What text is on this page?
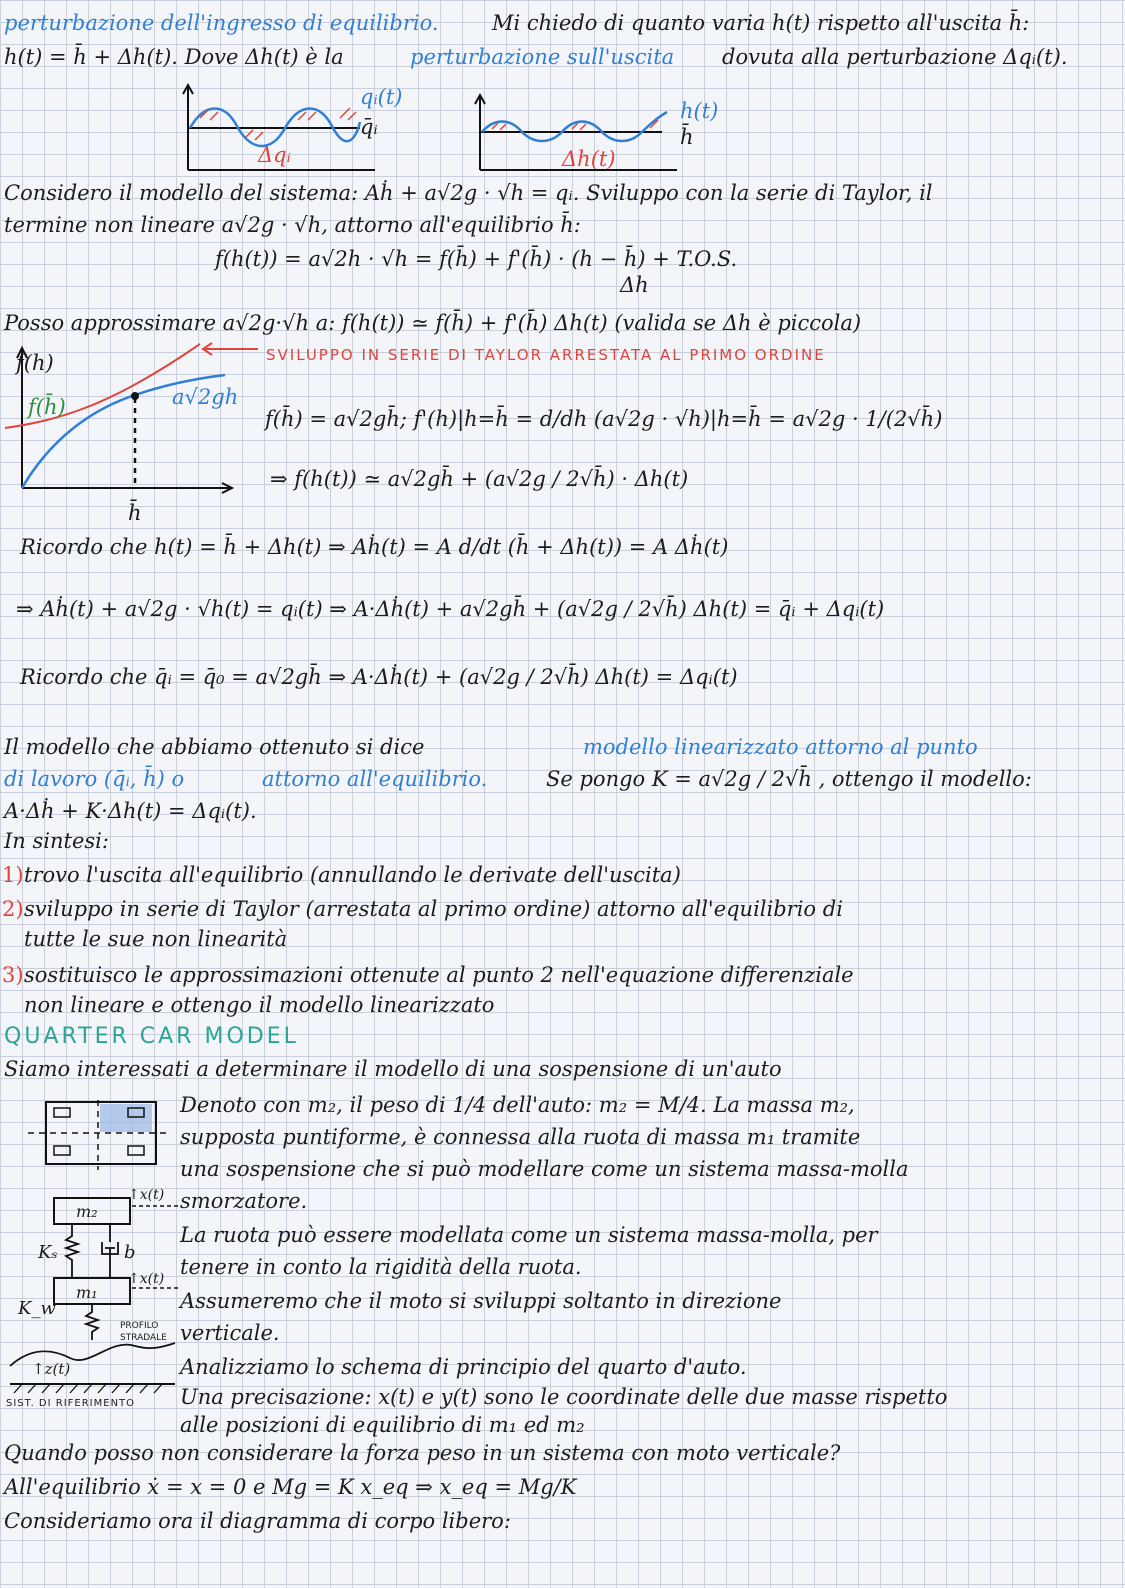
perturbazione dell'ingresso di equilibrio.	Mi chiedo di quanto varia h(t) rispetto all'uscita h̄:
h(t) = h̄ + Δh(t). Dove Δh(t) è la	perturbazione sull'uscita dovuta alla perturbazione Δqᵢ(t).
qᵢ(t)
q̄ᵢ
Δqᵢ
h(t)
h̄
Δh(t)
Considero il modello del sistema: Aḣ + a√2g · √h = qᵢ. Sviluppo con la serie di Taylor, il
termine non lineare a√2g · √h, attorno all'equilibrio h̄:
f(h(t)) = a√2h · √h = f(h̄) + f'(h̄) · (h − h̄) + T.O.S.
Δh
Posso approssimare a√2g·√h a: f(h(t)) ≃ f(h̄) + f'(h̄) Δh(t) (valida se Δh è piccola)
f(h)
f(h̄)	a√2gh
h̄
SVILUPPO IN SERIE DI TAYLOR ARRESTATA AL PRIMO ORDINE
f(h̄) = a√2gh̄; f'(h)|h=h̄ = d/dh (a√2g · √h)|h=h̄ = a√2g · 1/(2√h̄)
⇒ f(h(t)) ≃ a√2gh̄ + (a√2g / 2√h̄) · Δh(t)
Ricordo che h(t) = h̄ + Δh(t) ⇒ Aḣ(t) = A d/dt (h̄ + Δh(t)) = A Δḣ(t)
⇒ Aḣ(t) + a√2g · √h(t) = qᵢ(t) ⇒ A·Δḣ(t) + a√2gh̄ + (a√2g / 2√h̄) Δh(t) = q̄ᵢ + Δqᵢ(t)
Ricordo che q̄ᵢ = q̄₀ = a√2gh̄ ⇒ A·Δḣ(t) + (a√2g / 2√h̄) Δh(t) = Δqᵢ(t)
Il modello che abbiamo ottenuto si dice	modello linearizzato attorno al punto
di lavoro (q̄ᵢ, h̄) o	attorno all'equilibrio.	Se pongo K = a√2g / 2√h̄ , ottengo il modello:
A·Δḣ + K·Δh(t) = Δqᵢ(t).
In sintesi:
1) trovo l'uscita all'equilibrio (annullando le derivate dell'uscita)
2) sviluppo in serie di Taylor (arrestata al primo ordine) attorno all'equilibrio di
tutte le sue non linearità
3) sostituisco le approssimazioni ottenute al punto 2 nell'equazione differenziale
non lineare e ottengo il modello linearizzato
QUARTER CAR MODEL
Siamo interessati a determinare il modello di una sospensione di un'auto
m₂
↑x(t)
Kₛ	b
m₁
↑x(t)
K_w
PROFILO STRADALE
↑z(t)
SIST. DI RIFERIMENTO
Denoto con m₂, il peso di 1/4 dell'auto: m₂ = M/4. La massa m₂,
supposta puntiforme, è connessa alla ruota di massa m₁ tramite
una sospensione che si può modellare come un sistema massa-molla
smorzatore.
La ruota può essere modellata come un sistema massa-molla, per
tenere in conto la rigidità della ruota.
Assumeremo che il moto si sviluppi soltanto in direzione
verticale.
Analizziamo lo schema di principio del quarto d'auto.
Una precisazione: x(t) e y(t) sono le coordinate delle due masse rispetto
alle posizioni di equilibrio di m₁ ed m₂
Quando posso non considerare la forza peso in un sistema con moto verticale?
All'equilibrio ẋ = x = 0 e Mg = K x_eq ⇒ x_eq = Mg/K
Consideriamo ora il diagramma di corpo libero:
